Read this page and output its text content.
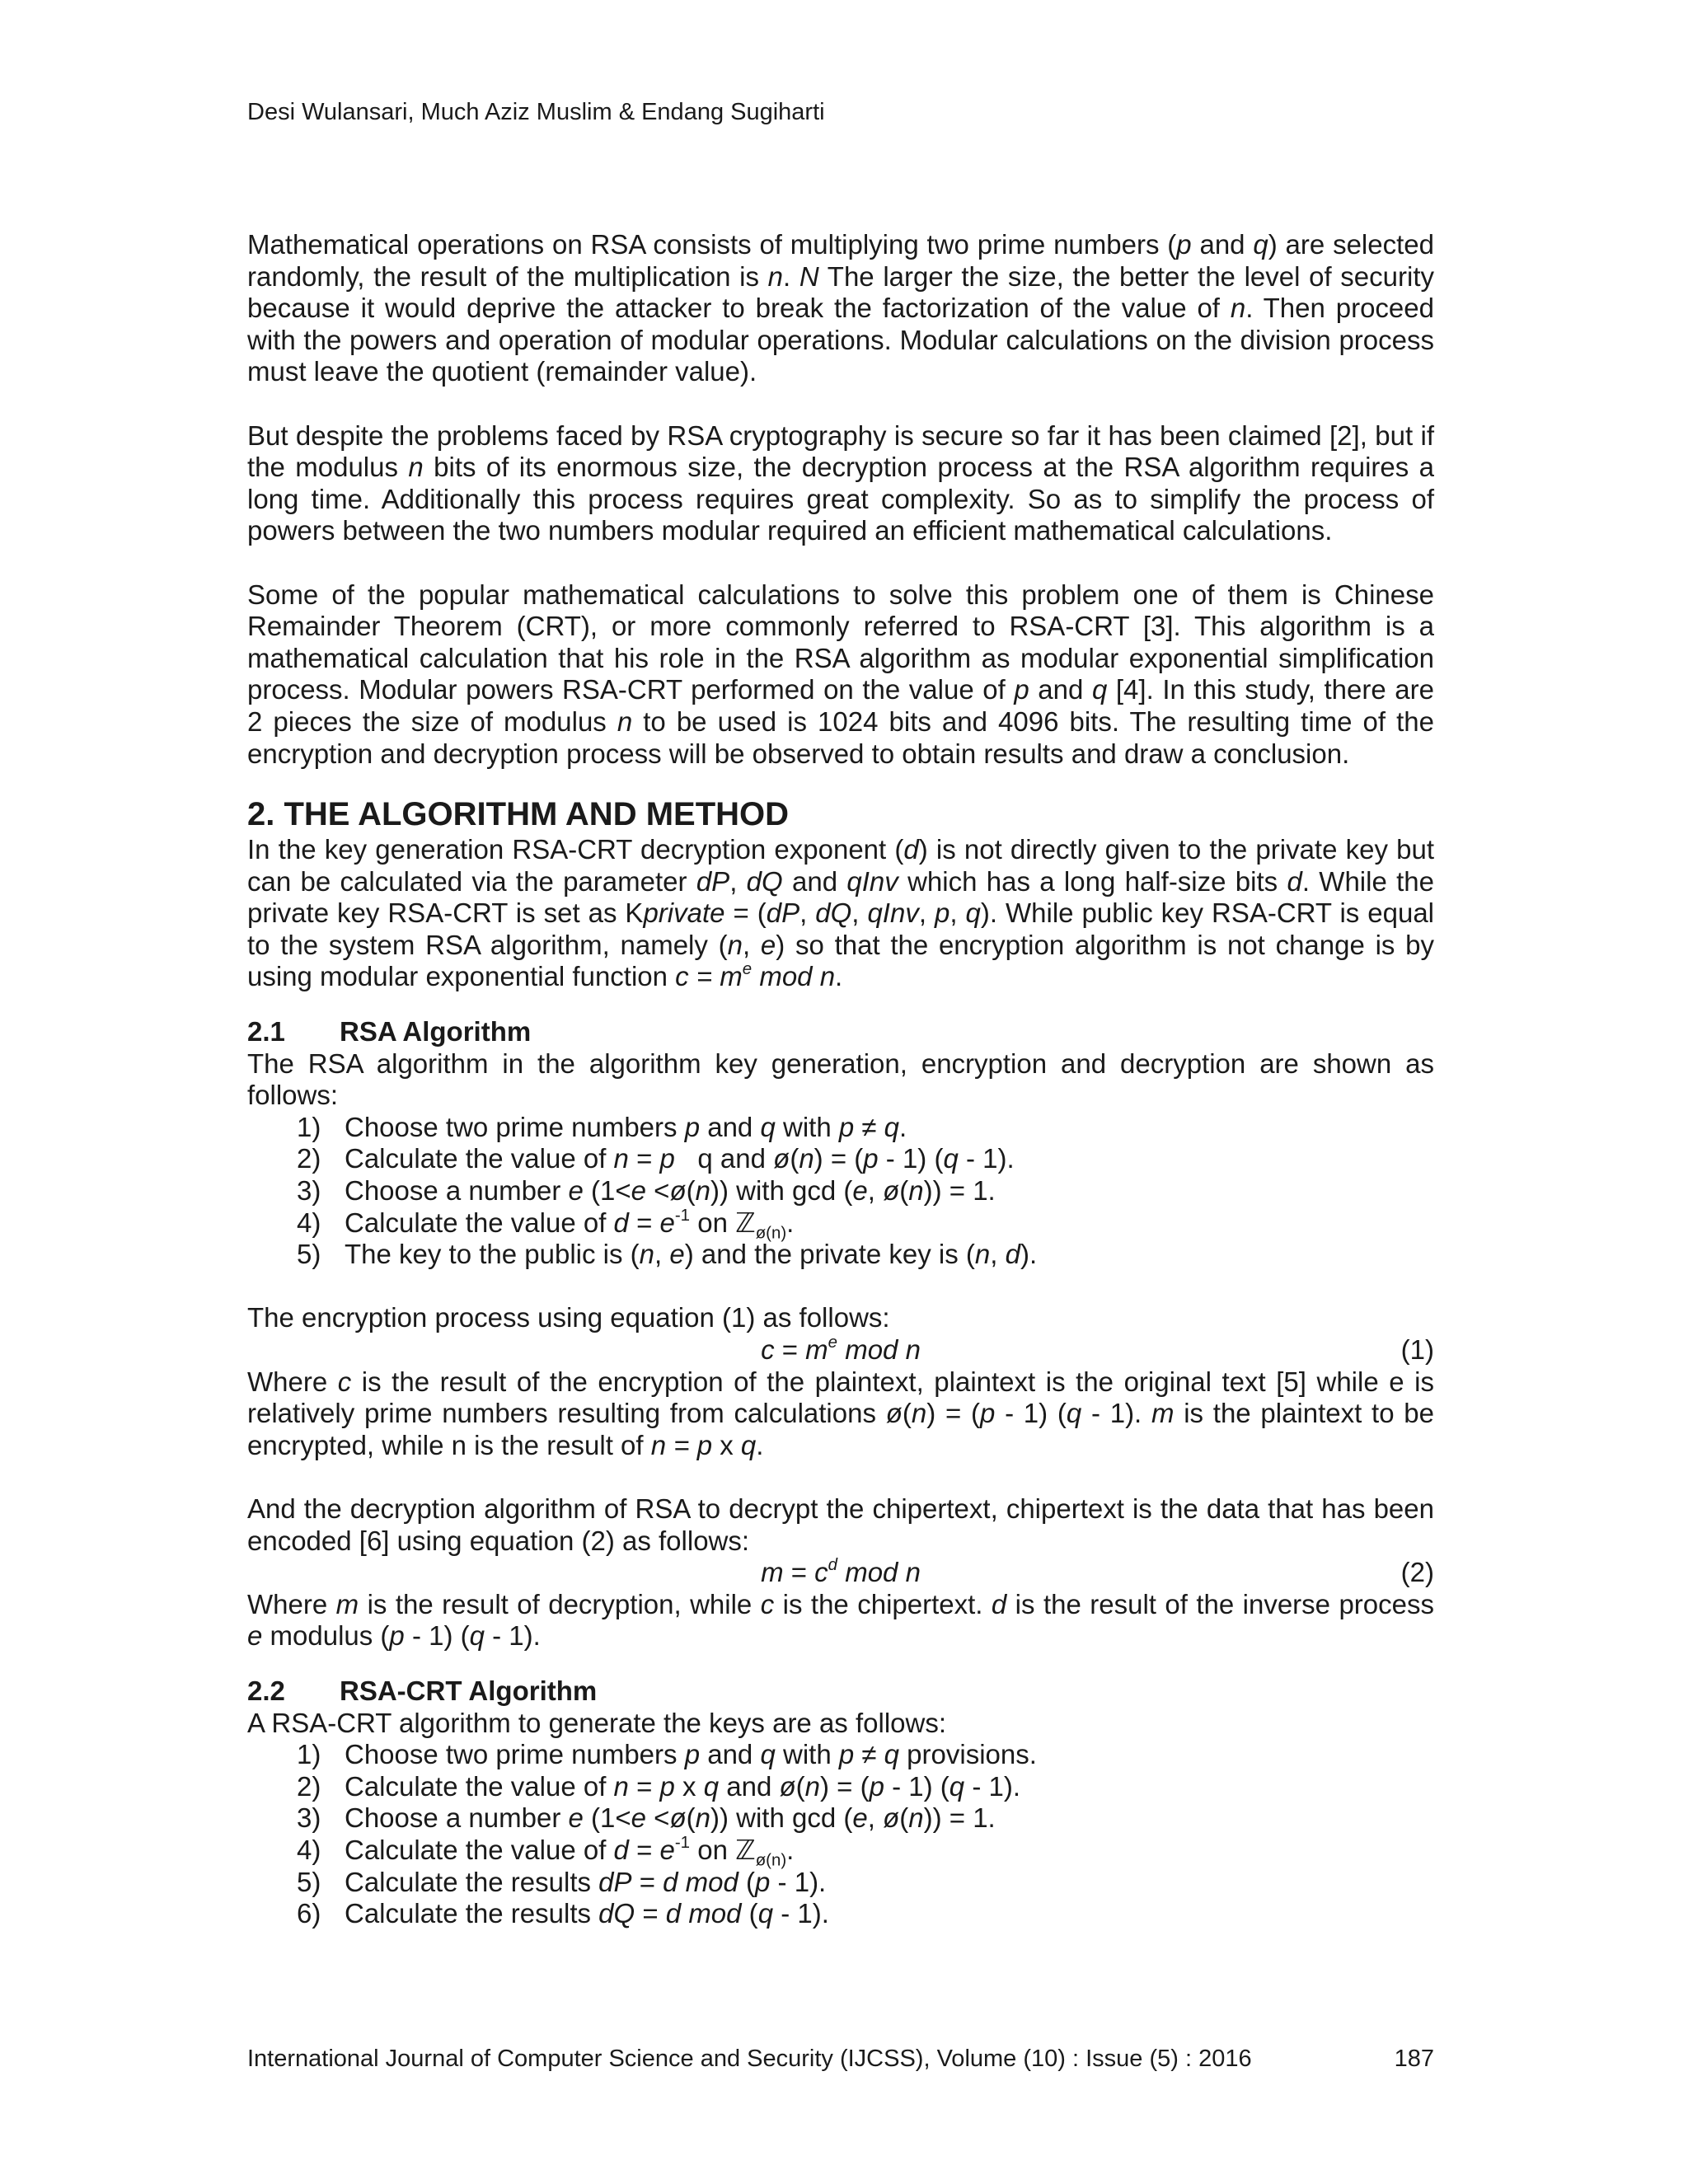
Desi Wulansari, Much Aziz Muslim & Endang Sugiharti

Mathematical operations on RSA consists of multiplying two prime numbers (p and q) are selected randomly, the result of the multiplication is n. N The larger the size, the better the level of security because it would deprive the attacker to break the factorization of the value of n. Then proceed with the powers and operation of modular operations. Modular calculations on the division process must leave the quotient (remainder value).

But despite the problems faced by RSA cryptography is secure so far it has been claimed [2], but if the modulus n bits of its enormous size, the decryption process at the RSA algorithm requires a long time. Additionally this process requires great complexity. So as to simplify the process of powers between the two numbers modular required an efficient mathematical calculations.

Some of the popular mathematical calculations to solve this problem one of them is Chinese Remainder Theorem (CRT), or more commonly referred to RSA-CRT [3]. This algorithm is a mathematical calculation that his role in the RSA algorithm as modular exponential simplification process. Modular powers RSA-CRT performed on the value of p and q [4]. In this study, there are 2 pieces the size of modulus n to be used is 1024 bits and 4096 bits. The resulting time of the encryption and decryption process will be observed to obtain results and draw a conclusion.

2. THE ALGORITHM AND METHOD

In the key generation RSA-CRT decryption exponent (d) is not directly given to the private key but can be calculated via the parameter dP, dQ and qInv which has a long half-size bits d. While the private key RSA-CRT is set as Kprivate = (dP, dQ, qInv, p, q). While public key RSA-CRT is equal to the system RSA algorithm, namely (n, e) so that the encryption algorithm is not change is by using modular exponential function $c = m^e$ mod n.

2.1 RSA Algorithm

The RSA algorithm in the algorithm key generation, encryption and decryption are shown as follows:

1) Choose two prime numbers p and q with p ≠ q.
2) Calculate the value of n = p   q and ø(n) = (p - 1) (q - 1).
3) Choose a number e (1<e <ø(n)) with gcd (e, ø(n)) = 1.
4) Calculate the value of $d = e^{-1}$ on ℤ$_{ø(n)}$.
5) The key to the public is (n, e) and the private key is (n, d).

The encryption process using equation (1) as follows:

$c = m^e$ mod n	(1)

Where c is the result of the encryption of the plaintext, plaintext is the original text [5] while e is relatively prime numbers resulting from calculations ø(n) = (p - 1) (q - 1). m is the plaintext to be encrypted, while n is the result of n = p x q.

And the decryption algorithm of RSA to decrypt the chipertext, chipertext is the data that has been encoded [6] using equation (2) as follows:

$m = c^d$ mod n	(2)

Where m is the result of decryption, while c is the chipertext. d is the result of the inverse process e modulus (p - 1) (q - 1).

2.2 RSA-CRT Algorithm

A RSA-CRT algorithm to generate the keys are as follows:

1) Choose two prime numbers p and q with p ≠ q provisions.
2) Calculate the value of n = p x q and ø(n) = (p - 1) (q - 1).
3) Choose a number e (1<e <ø(n)) with gcd (e, ø(n)) = 1.
4) Calculate the value of $d = e^{-1}$ on ℤ$_{ø(n)}$.
5) Calculate the results dP = d mod (p - 1).
6) Calculate the results dQ = d mod (q - 1).
International Journal of Computer Science and Security (IJCSS), Volume (10) : Issue (5) : 2016	187
